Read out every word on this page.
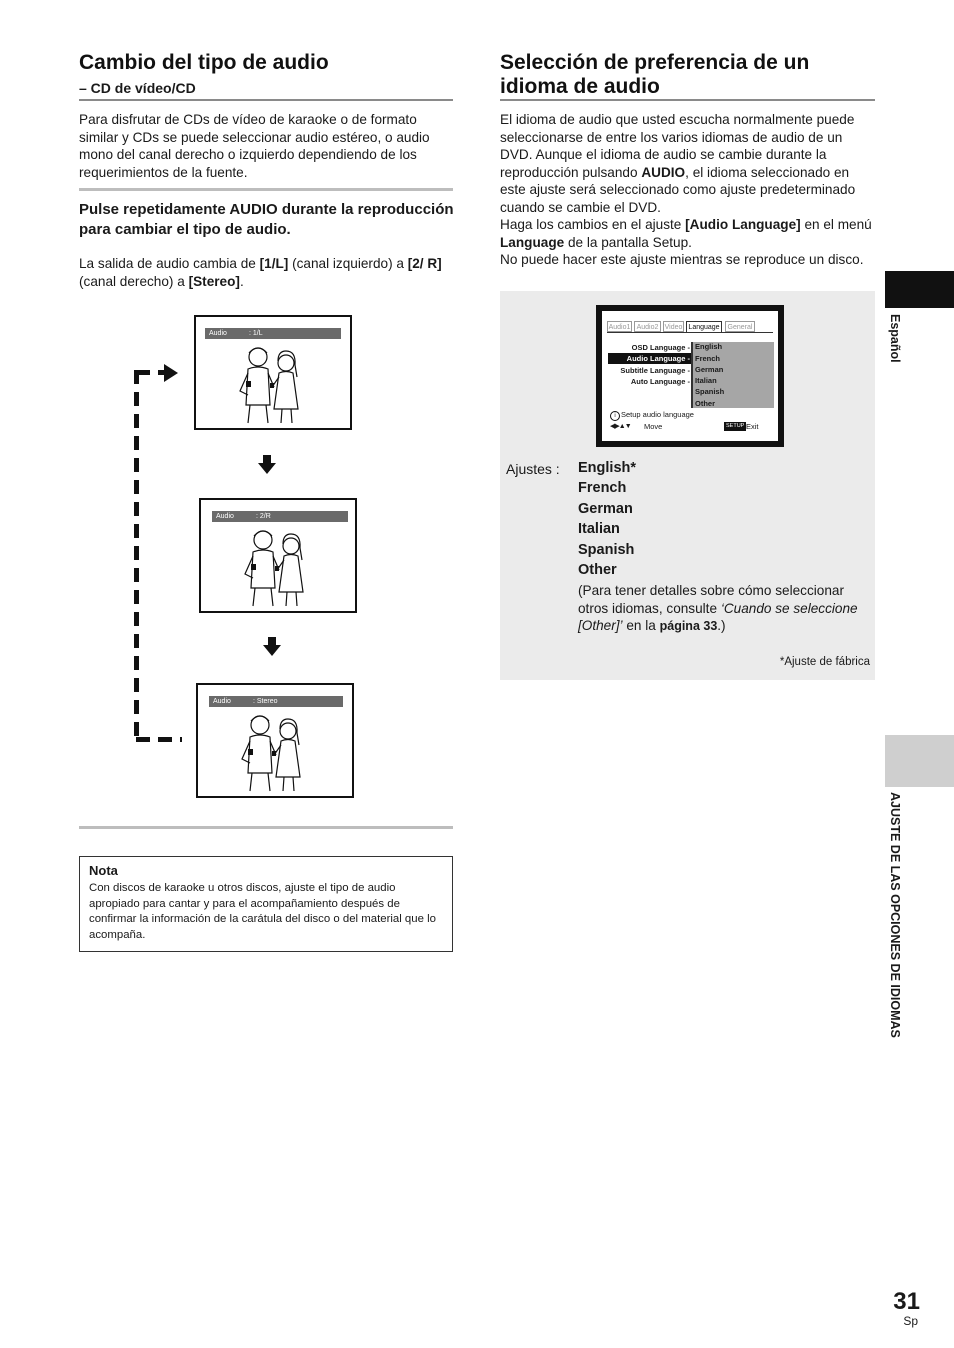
Cambio del tipo de audio
– CD de vídeo/CD

Para disfrutar de CDs de vídeo de karaoke o de formato similar y CDs se puede seleccionar audio estéreo, o audio mono del canal derecho o izquierdo dependiendo de los requerimientos de la fuente.

Pulse repetidamente AUDIO durante la reproducción para cambiar el tipo de audio.

La salida de audio cambia de [1/L] (canal izquierdo) a [2/ R] (canal derecho) a [Stereo].

Audio	: 1/L
Audio	: 2/R
Audio	: Stereo
Nota
Con discos de karaoke u otros discos, ajuste el tipo de audio apropiado para cantar y para el acompañamiento después de confirmar la información de la carátula del disco o del material que lo acompaña.
Selección de preferencia de un
idioma de audio

El idioma de audio que usted escucha normalmente puede seleccionarse de entre los varios idiomas de audio de un DVD. Aunque el idioma de audio se cambie durante la reproducción pulsando AUDIO, el idioma seleccionado en este ajuste será seleccionado como ajuste predeterminado cuando se cambie el DVD.

Haga los cambios en el ajuste [Audio Language] en el menú Language de la pantalla Setup.

No puede hacer este ajuste mientras se reproduce un disco.

Audio1 Audio2 Video Language	General
OSD Language -
Audio Language -
Subtitle Language -
Auto Language -
English
French
German
Italian
Spanish
Other
i Setup audio language
◀▶▲▼ Move	SETUP Exit
Ajustes : English*
French
German
Italian
Spanish
Other

(Para tener detalles sobre cómo seleccionar otros idiomas, consulte ‘Cuando se seleccione [Other]’ en la página 33.)

*Ajuste de fábrica
Español
AJUSTE DE LAS OPCIONES DE IDIOMAS
31
Sp
